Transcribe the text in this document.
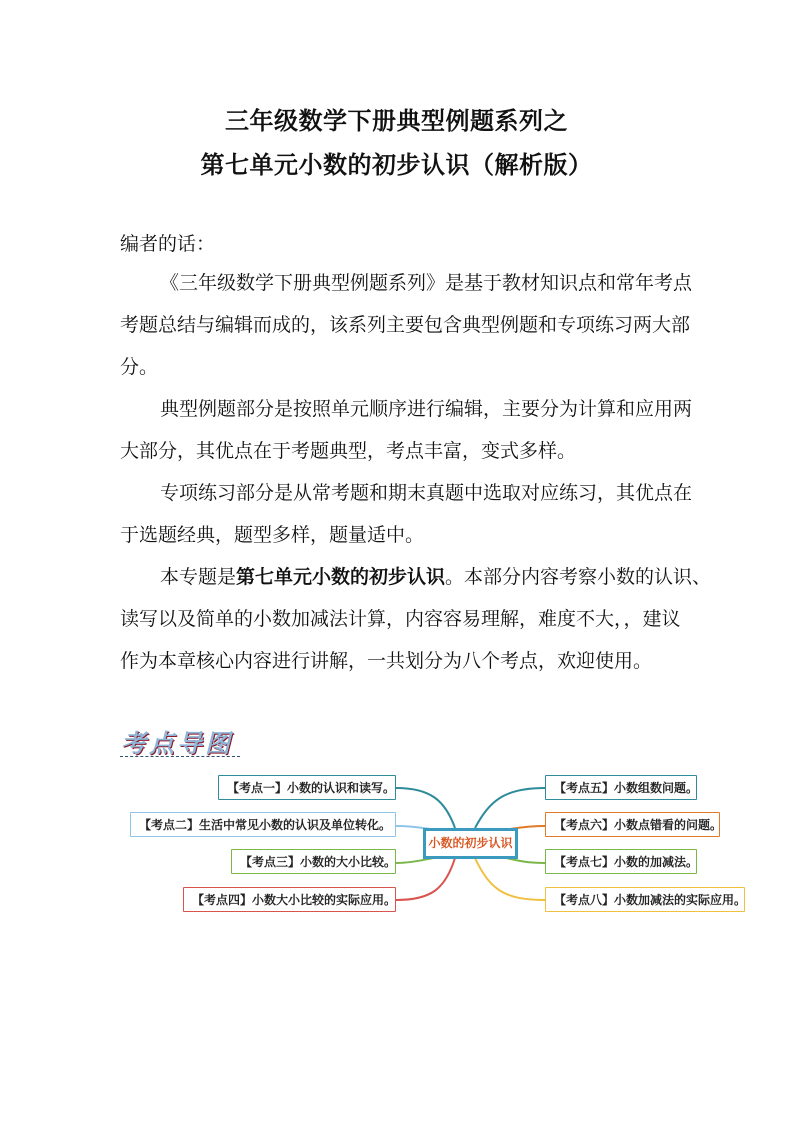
三年级数学下册典型例题系列之
第七单元小数的初步认识（解析版）
编者的话：
《三年级数学下册典型例题系列》是基于教材知识点和常年考点
考题总结与编辑而成的，该系列主要包含典型例题和专项练习两大部
分。
典型例题部分是按照单元顺序进行编辑，主要分为计算和应用两
大部分，其优点在于考题典型，考点丰富，变式多样。
专项练习部分是从常考题和期末真题中选取对应练习，其优点在
于选题经典，题型多样，题量适中。
本专题是第七单元小数的初步认识。本部分内容考察小数的认识、
读写以及简单的小数加减法计算，内容容易理解，难度不大，，建议
作为本章核心内容进行讲解，一共划分为八个考点，欢迎使用。
考点导图
【考点一】小数的认识和读写。
【考点二】生活中常见小数的认识及单位转化。
【考点三】小数的大小比较。
【考点四】小数大小比较的实际应用。
小数的初步认识
【考点五】小数组数问题。
【考点六】小数点错看的问题。
【考点七】小数的加减法。
【考点八】小数加减法的实际应用。
